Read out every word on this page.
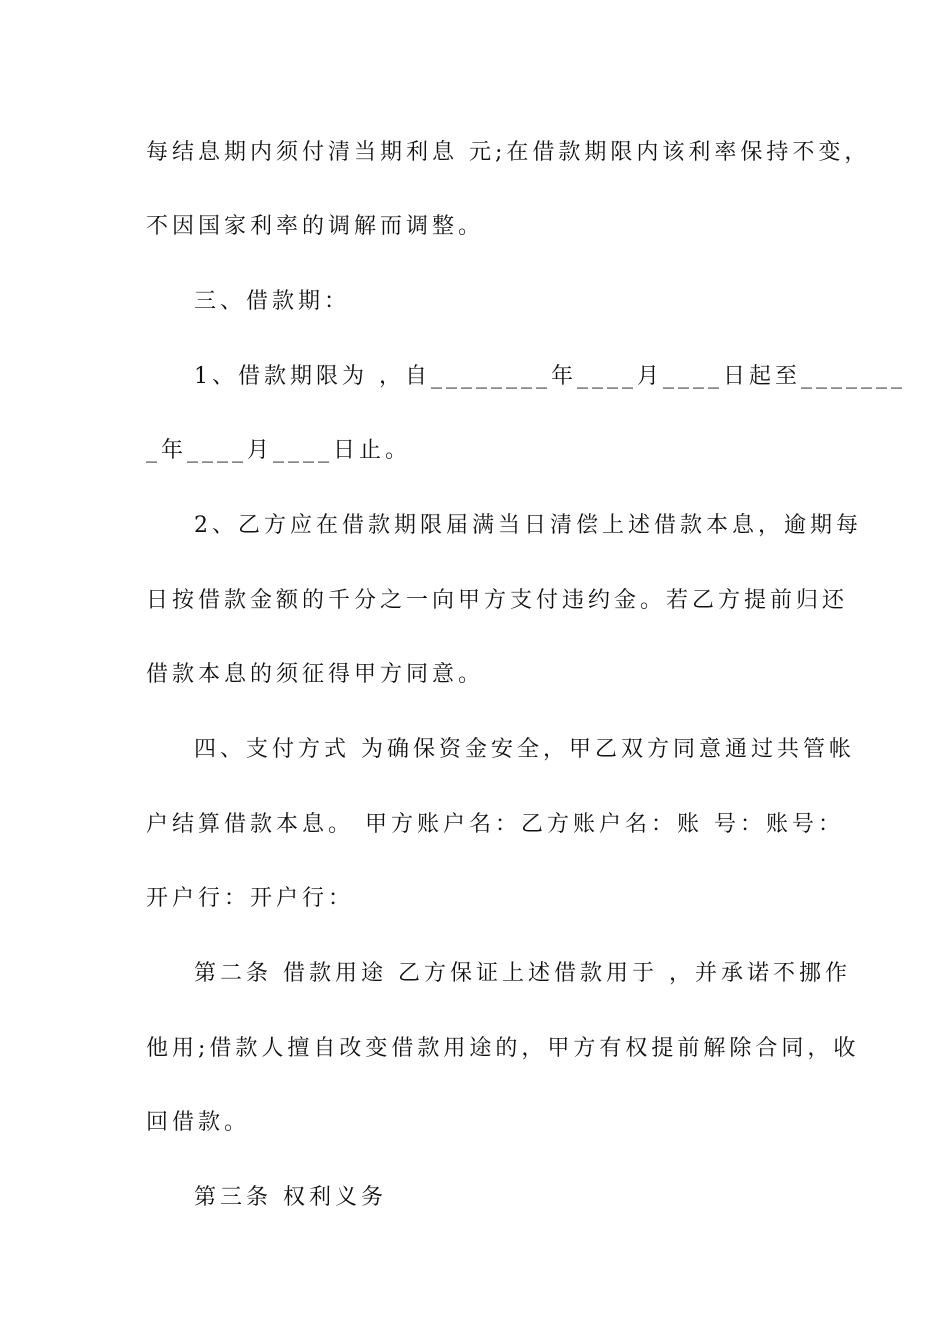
每结息期内须付清当期利息 元;在借款期限内该利率保持不变，
不因国家利率的调解而调整。
三、借款期：
1、借款期限为 ，自________年____月____日起至_______
_年____月____日止。
2、乙方应在借款期限届满当日清偿上述借款本息，逾期每
日按借款金额的千分之一向甲方支付违约金。若乙方提前归还
借款本息的须征得甲方同意。
四、支付方式 为确保资金安全，甲乙双方同意通过共管帐
户结算借款本息。 甲方账户名：乙方账户名：账 号：账号：
开户行：开户行：
第二条 借款用途 乙方保证上述借款用于 ，并承诺不挪作
他用;借款人擅自改变借款用途的，甲方有权提前解除合同，收
回借款。
第三条 权利义务
